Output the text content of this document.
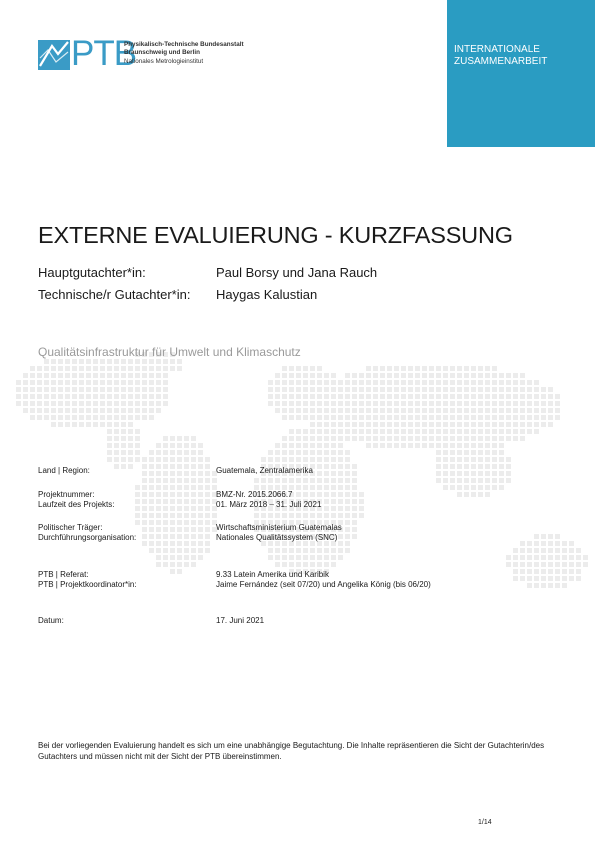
PTB
Physikalisch-Technische Bundesanstalt
Braunschweig und Berlin
Nationales Metrologieinstitut
INTERNATIONALE
ZUSAMMENARBEIT
EXTERNE EVALUIERUNG - KURZFASSUNG
Hauptgutachter*in:	Paul Borsy und Jana Rauch
Technische/r Gutachter*in: Haygas Kalustian
Qualitätsinfrastruktur für Umwelt und Klimaschutz
Land | Region:	Guatemala, Zentralamerika
Projektnummer:	BMZ-Nr. 2015.2066.7
Laufzeit des Projekts:	01. März 2018 – 31. Juli 2021
Politischer Träger:	Wirtschaftsministerium Guatemalas
Durchführungsorganisation:	Nationales Qualitätssystem (SNC)
PTB | Referat:	9.33 Latein Amerika und Karibik
PTB | Projektkoordinator*in:	Jaime Fernández (seit 07/20) und Angelika König (bis 06/20)
Datum:	17. Juni 2021
Bei der vorliegenden Evaluierung handelt es sich um eine unabhängige Begutachtung. Die Inhalte repräsentieren die Sicht der Gutachterin/des Gutachters und müssen nicht mit der Sicht der PTB übereinstimmen.
1/14
